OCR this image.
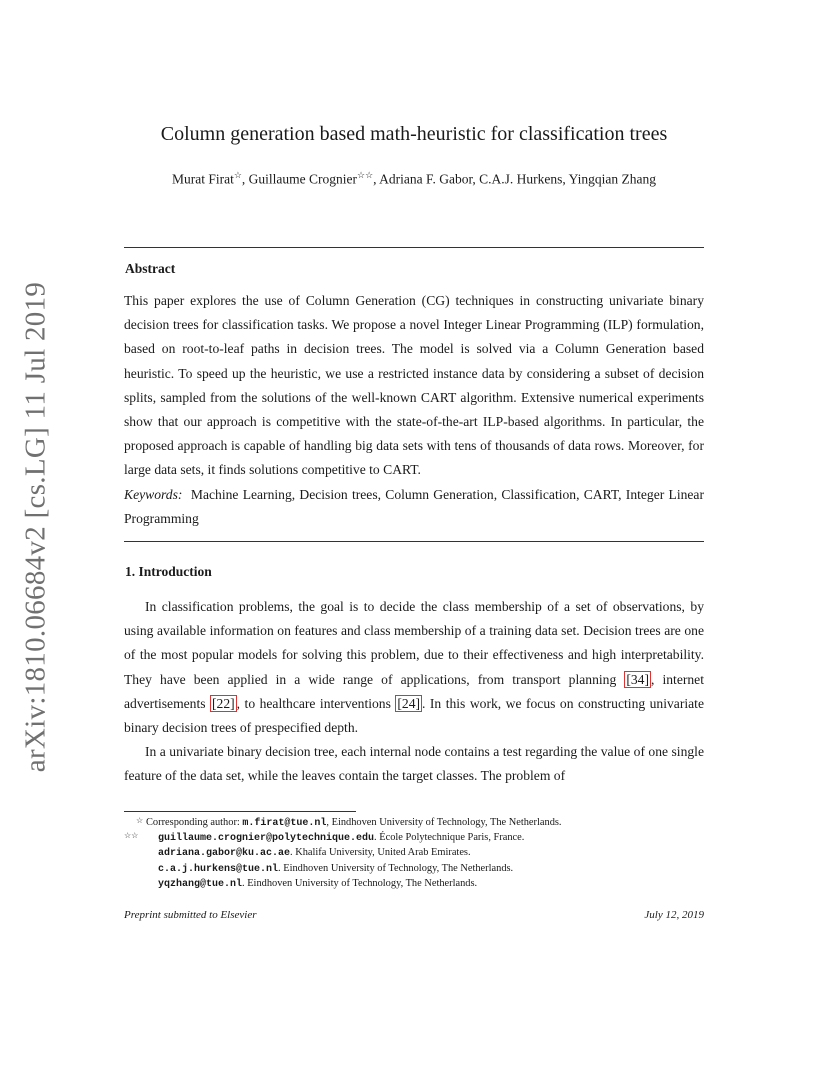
arXiv:1810.06684v2 [cs.LG] 11 Jul 2019
Column generation based math-heuristic for classification trees
Murat Firat☆, Guillaume Crognier☆☆, Adriana F. Gabor, C.A.J. Hurkens, Yingqian Zhang
Abstract
This paper explores the use of Column Generation (CG) techniques in constructing univariate binary decision trees for classification tasks. We propose a novel Integer Linear Programming (ILP) formulation, based on root-to-leaf paths in decision trees. The model is solved via a Column Generation based heuristic. To speed up the heuristic, we use a restricted instance data by considering a subset of decision splits, sampled from the solutions of the well-known CART algorithm. Extensive numerical experiments show that our approach is competitive with the state-of-the-art ILP-based algorithms. In particular, the proposed approach is capable of handling big data sets with tens of thousands of data rows. Moreover, for large data sets, it finds solutions competitive to CART.
Keywords: Machine Learning, Decision trees, Column Generation, Classification, CART, Integer Linear Programming
1. Introduction
In classification problems, the goal is to decide the class membership of a set of observations, by using available information on features and class membership of a training data set. Decision trees are one of the most popular models for solving this problem, due to their effectiveness and high interpretability. They have been applied in a wide range of applications, from transport planning [34] , internet advertisements [22] , to healthcare interventions [24] . In this work, we focus on constructing univariate binary decision trees of prespecified depth.
In a univariate binary decision tree, each internal node contains a test regarding the value of one single feature of the data set, while the leaves contain the target classes. The problem of
☆ Corresponding author: m.firat@tue.nl, Eindhoven University of Technology, The Netherlands.
☆☆ guillaume.crognier@polytechnique.edu. École Polytechnique Paris, France.
adriana.gabor@ku.ac.ae. Khalifa University, United Arab Emirates.
c.a.j.hurkens@tue.nl. Eindhoven University of Technology, The Netherlands.
yqzhang@tue.nl. Eindhoven University of Technology, The Netherlands.
Preprint submitted to Elsevier	July 12, 2019
